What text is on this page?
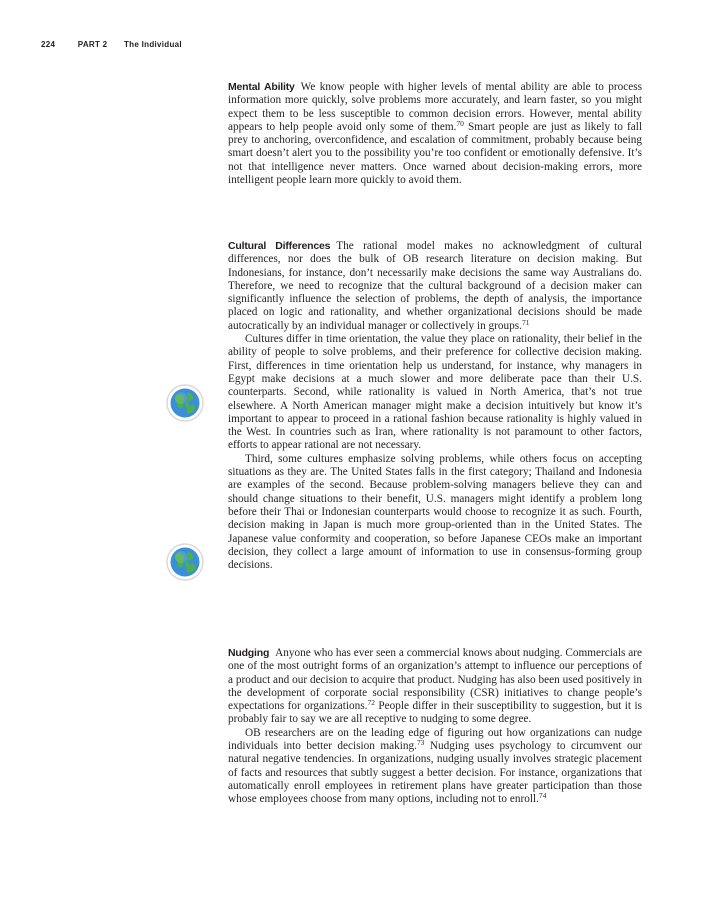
224	PART 2 The Individual

Mental Ability We know people with higher levels of mental ability are able to process information more quickly, solve problems more accurately, and learn faster, so you might expect them to be less susceptible to common decision errors. However, mental ability appears to help people avoid only some of them.$^{70}$ Smart people are just as likely to fall prey to anchoring, overconfidence, and escalation of commitment, probably because being smart doesn’t alert you to the possibility you’re too confident or emotionally defensive. It’s not that intelligence never matters. Once warned about decision-making errors, more intelligent people learn more quickly to avoid them.

Cultural Differences The rational model makes no acknowledgment of cultural differences, nor does the bulk of OB research literature on decision making. But Indonesians, for instance, don’t necessarily make decisions the same way Australians do. Therefore, we need to recognize that the cultural background of a decision maker can significantly influence the selection of problems, the depth of analysis, the importance placed on logic and rationality, and whether organizational decisions should be made autocratically by an individual manager or collectively in groups.$^{71}$

Cultures differ in time orientation, the value they place on rationality, their belief in the ability of people to solve problems, and their preference for collective decision making. First, differences in time orientation help us understand, for instance, why managers in Egypt make decisions at a much slower and more deliberate pace than their U.S. counterparts. Second, while rationality is valued in North America, that’s not true elsewhere. A North American manager might make a decision intuitively but know it’s important to appear to proceed in a rational fashion because rationality is highly valued in the West. In countries such as Iran, where rationality is not paramount to other factors, efforts to appear rational are not necessary.

Third, some cultures emphasize solving problems, while others focus on accepting situations as they are. The United States falls in the first category; Thailand and Indonesia are examples of the second. Because problem-solving managers believe they can and should change situations to their benefit, U.S. managers might identify a problem long before their Thai or Indonesian counterparts would choose to recognize it as such. Fourth, decision making in Japan is much more group-oriented than in the United States. The Japanese value conformity and cooperation, so before Japanese CEOs make an important decision, they collect a large amount of information to use in consensus-forming group decisions.

Nudging Anyone who has ever seen a commercial knows about nudging. Commercials are one of the most outright forms of an organization’s attempt to influence our perceptions of a product and our decision to acquire that product. Nudging has also been used positively in the development of corporate social responsibility (CSR) initiatives to change people’s expectations for organizations.$^{72}$ People differ in their susceptibility to suggestion, but it is probably fair to say we are all receptive to nudging to some degree.

OB researchers are on the leading edge of figuring out how organizations can nudge individuals into better decision making.$^{73}$ Nudging uses psychology to circumvent our natural negative tendencies. In organizations, nudging usually involves strategic placement of facts and resources that subtly suggest a better decision. For instance, organizations that automatically enroll employees in retirement plans have greater participation than those whose employees choose from many options, including not to enroll.$^{74}$
